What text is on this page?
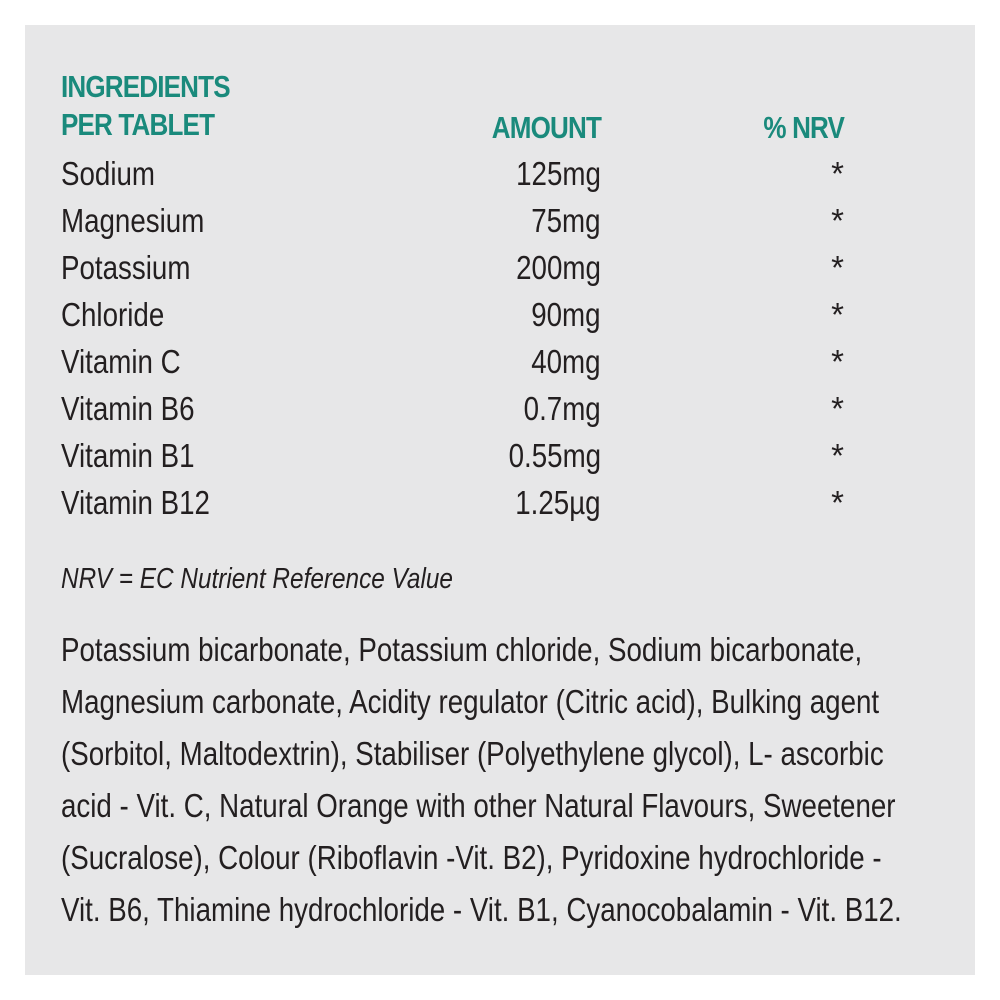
INGREDIENTS
PER TABLET	AMOUNT	% NRV
Sodium	125mg	*
Magnesium	75mg	*
Potassium	200mg	*
Chloride	90mg	*
Vitamin C	40mg	*
Vitamin B6	0.7mg	*
Vitamin B1	0.55mg	*
Vitamin B12	1.25µg	*
NRV = EC Nutrient Reference Value
Potassium bicarbonate, Potassium chloride, Sodium bicarbonate,
Magnesium carbonate, Acidity regulator (Citric acid), Bulking agent
(Sorbitol, Maltodextrin), Stabiliser (Polyethylene glycol), L- ascorbic
acid - Vit. C, Natural Orange with other Natural Flavours, Sweetener
(Sucralose), Colour (Riboflavin -Vit. B2), Pyridoxine hydrochloride -
Vit. B6, Thiamine hydrochloride - Vit. B1, Cyanocobalamin - Vit. B12.
